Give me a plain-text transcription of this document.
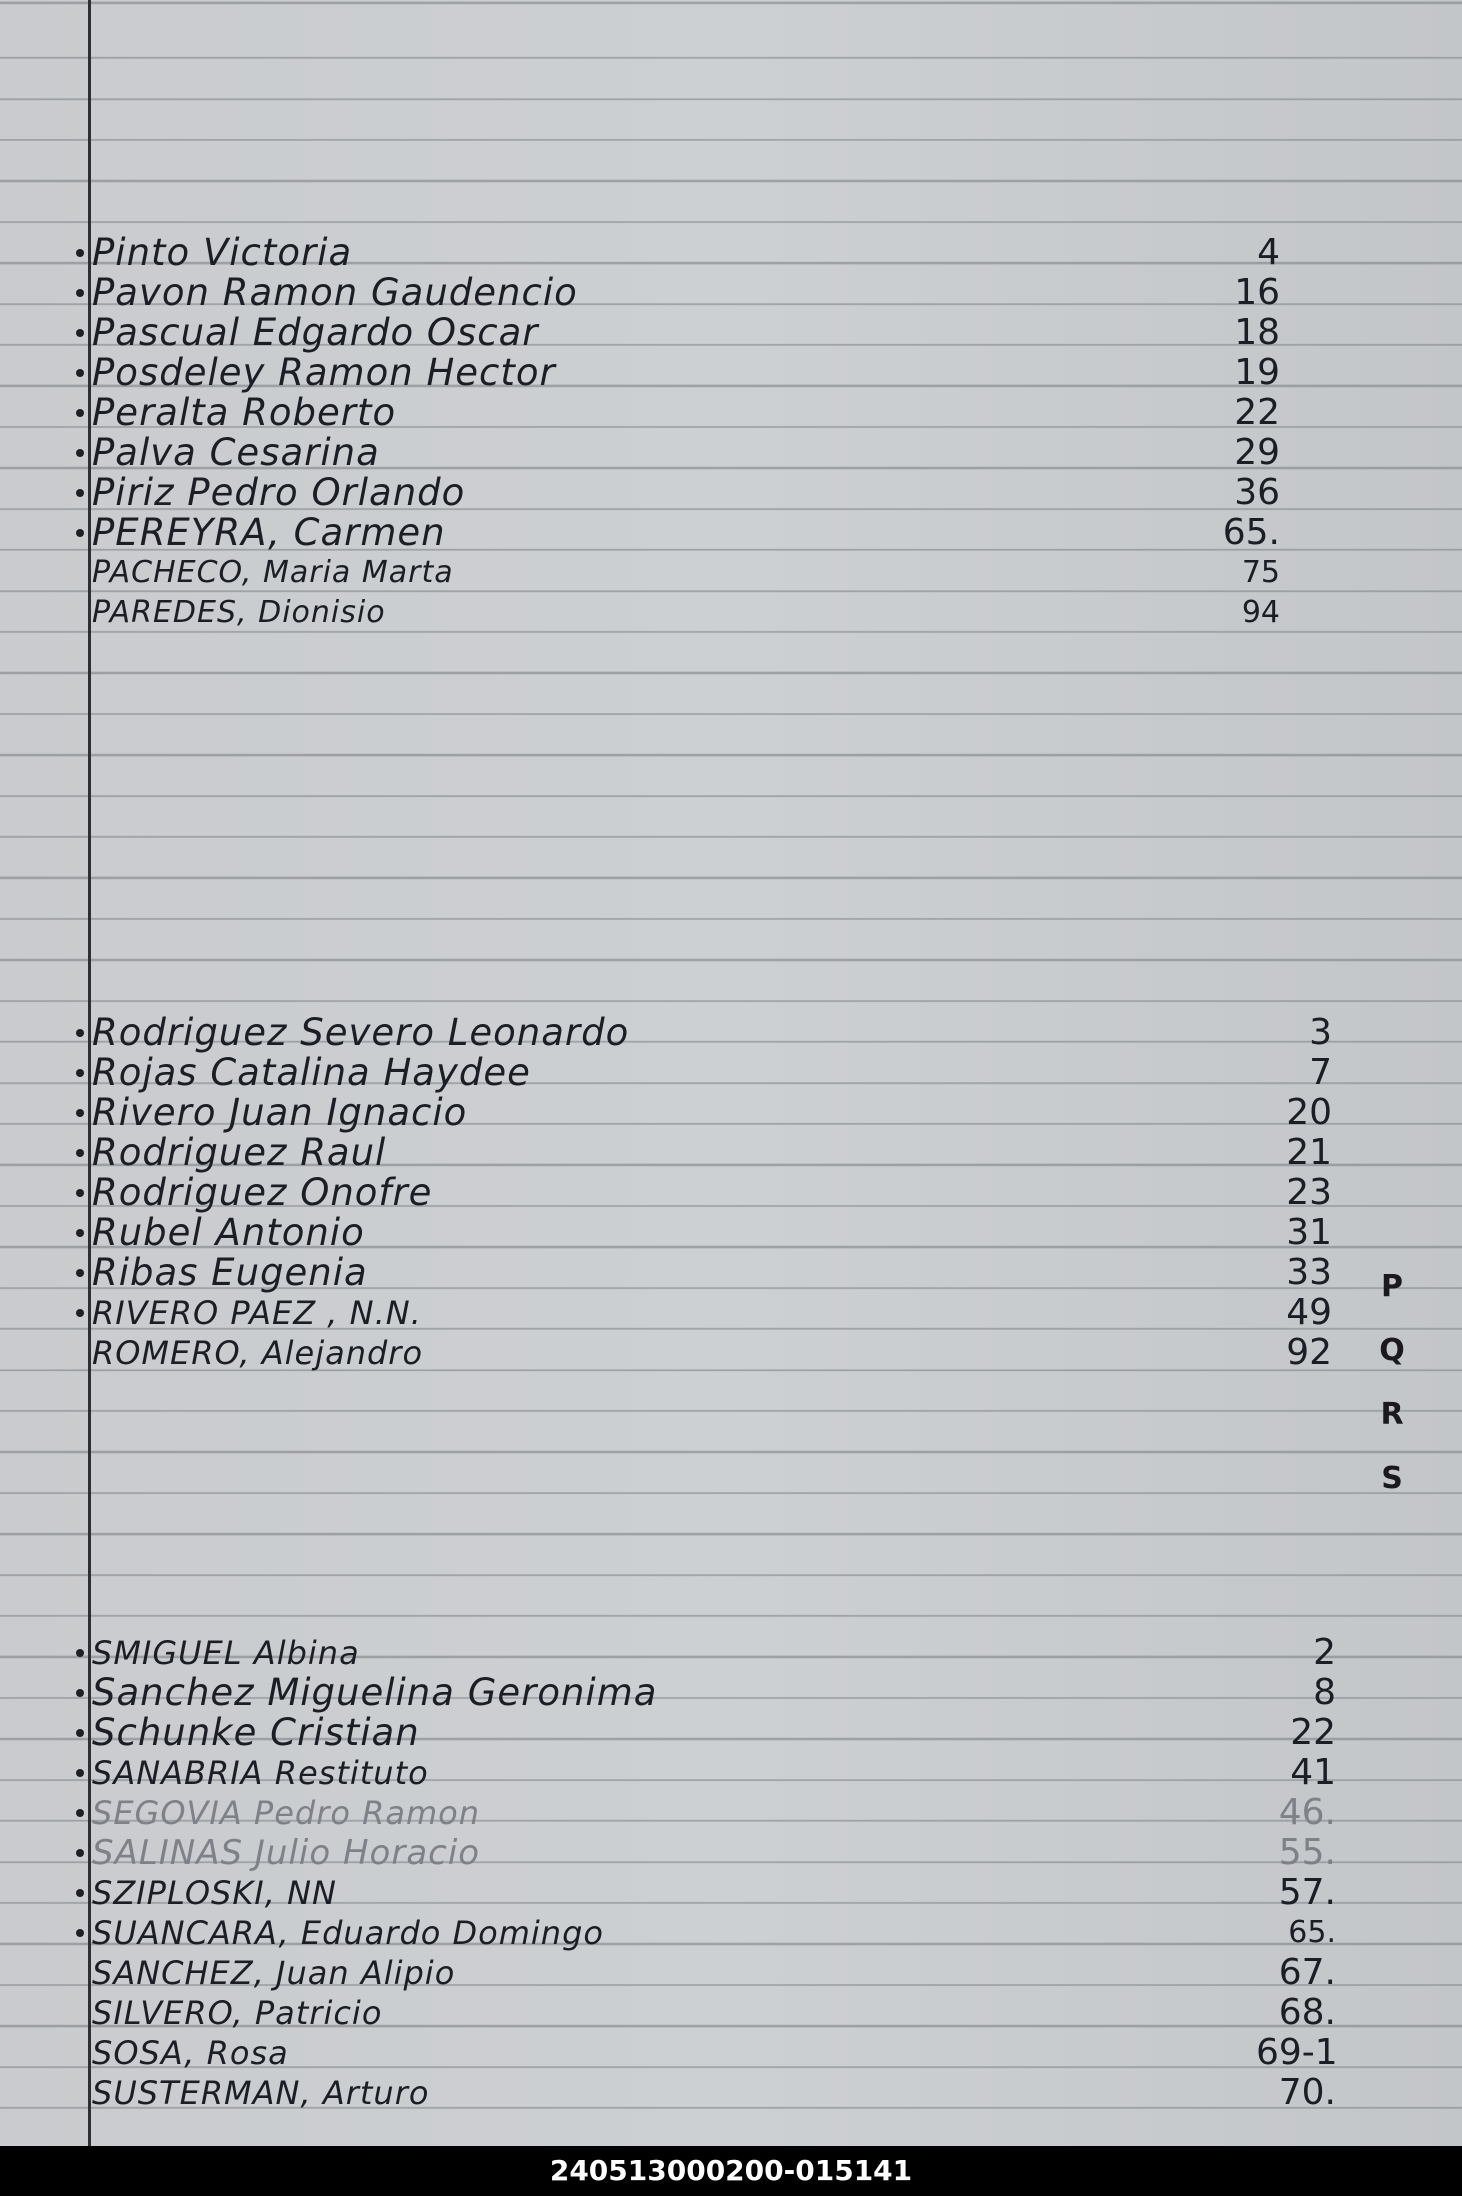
Pinto Victoria	4
Pavon Ramon Gaudencio	16
Pascual Edgardo Oscar	18
Posdeley Ramon Hector	19
Peralta Roberto	22
Palva Cesarina	29
Piriz Pedro Orlando	36
PEREYRA, Carmen	65.
PACHECO, Maria Marta	75
PAREDES, Dionisio	94
Rodriguez Severo Leonardo	3
Rojas Catalina Haydee	7
Rivero Juan Ignacio	20
Rodriguez Raul	21
Rodriguez Onofre	23
Rubel Antonio	31
Ribas Eugenia	33
RIVERO PAEZ , N.N.	49
ROMERO, Alejandro	92
SMIGUEL Albina	2
Sanchez Miguelina Geronima	8
Schunke Cristian	22
SANABRIA Restituto	41
SEGOVIA Pedro Ramon	46.
SALINAS Julio Horacio	55.
SZIPLOSKI, NN	57.
SUANCARA, Eduardo Domingo	65.
SANCHEZ, Juan Alipio	67.
SILVERO, Patricio	68.
SOSA, Rosa	69-1
SUSTERMAN, Arturo	70.
P
Q
R
S
240513000200-015141
